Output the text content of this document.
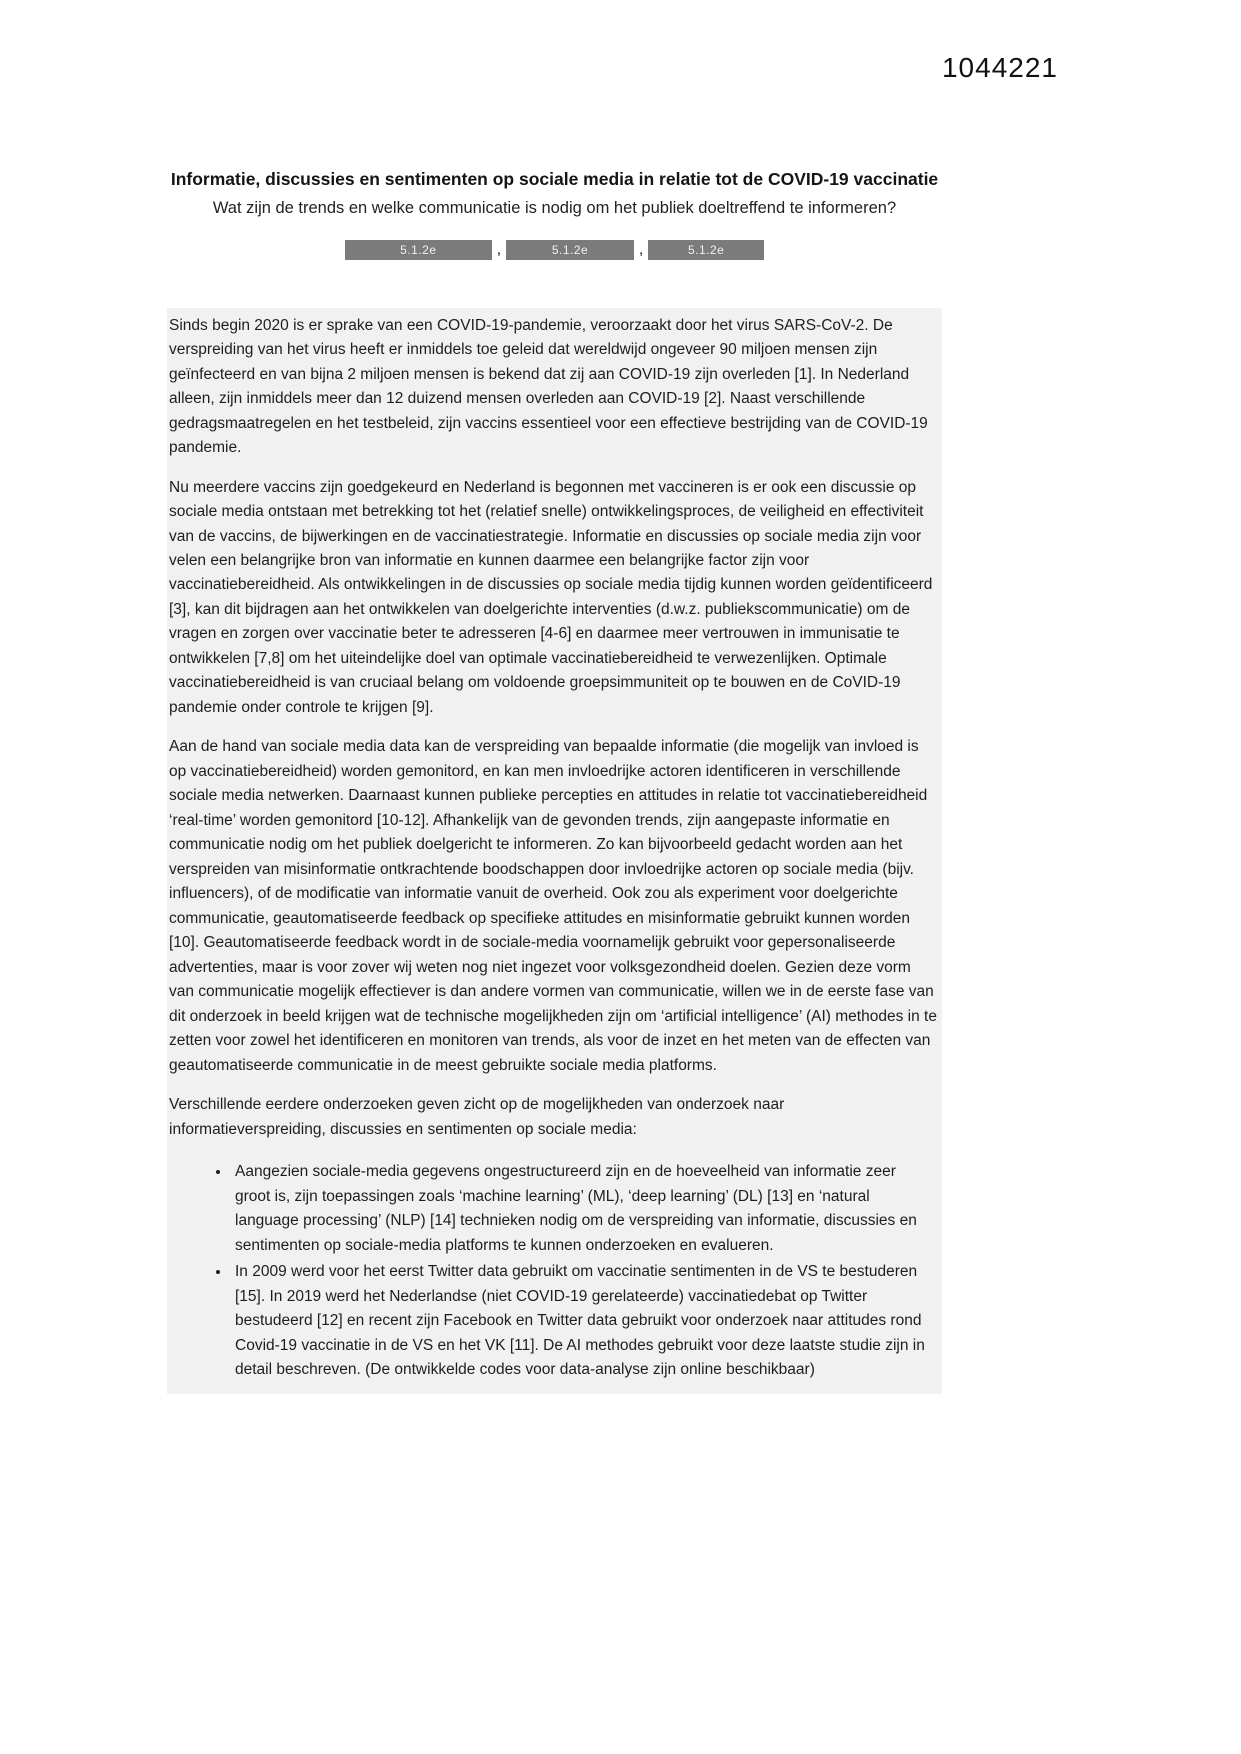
1044221
Informatie, discussies en sentimenten op sociale media in relatie tot de COVID-19 vaccinatie
Wat zijn de trends en welke communicatie is nodig om het publiek doeltreffend te informeren?
5.1.2e	,	5.1.2e	,	5.1.2e

Sinds begin 2020 is er sprake van een COVID-19-pandemie, veroorzaakt door het virus SARS-CoV-2. De verspreiding van het virus heeft er inmiddels toe geleid dat wereldwijd ongeveer 90 miljoen mensen zijn geïnfecteerd en van bijna 2 miljoen mensen is bekend dat zij aan COVID-19 zijn overleden [1]. In Nederland alleen, zijn inmiddels meer dan 12 duizend mensen overleden aan COVID-19 [2]. Naast verschillende gedragsmaatregelen en het testbeleid, zijn vaccins essentieel voor een effectieve bestrijding van de COVID-19 pandemie.

Nu meerdere vaccins zijn goedgekeurd en Nederland is begonnen met vaccineren is er ook een discussie op sociale media ontstaan met betrekking tot het (relatief snelle) ontwikkelingsproces, de veiligheid en effectiviteit van de vaccins, de bijwerkingen en de vaccinatiestrategie. Informatie en discussies op sociale media zijn voor velen een belangrijke bron van informatie en kunnen daarmee een belangrijke factor zijn voor vaccinatiebereidheid. Als ontwikkelingen in de discussies op sociale media tijdig kunnen worden geïdentificeerd [3], kan dit bijdragen aan het ontwikkelen van doelgerichte interventies (d.w.z. publiekscommunicatie) om de vragen en zorgen over vaccinatie beter te adresseren [4-6] en daarmee meer vertrouwen in immunisatie te ontwikkelen [7,8] om het uiteindelijke doel van optimale vaccinatiebereidheid te verwezenlijken. Optimale vaccinatiebereidheid is van cruciaal belang om voldoende groepsimmuniteit op te bouwen en de CoVID-19 pandemie onder controle te krijgen [9].

Aan de hand van sociale media data kan de verspreiding van bepaalde informatie (die mogelijk van invloed is op vaccinatiebereidheid) worden gemonitord, en kan men invloedrijke actoren identificeren in verschillende sociale media netwerken. Daarnaast kunnen publieke percepties en attitudes in relatie tot vaccinatiebereidheid ‘real-time’ worden gemonitord [10-12]. Afhankelijk van de gevonden trends, zijn aangepaste informatie en communicatie nodig om het publiek doelgericht te informeren. Zo kan bijvoorbeeld gedacht worden aan het verspreiden van misinformatie ontkrachtende boodschappen door invloedrijke actoren op sociale media (bijv. influencers), of de modificatie van informatie vanuit de overheid. Ook zou als experiment voor doelgerichte communicatie, geautomatiseerde feedback op specifieke attitudes en misinformatie gebruikt kunnen worden [10]. Geautomatiseerde feedback wordt in de sociale-media voornamelijk gebruikt voor gepersonaliseerde advertenties, maar is voor zover wij weten nog niet ingezet voor volksgezondheid doelen. Gezien deze vorm van communicatie mogelijk effectiever is dan andere vormen van communicatie, willen we in de eerste fase van dit onderzoek in beeld krijgen wat de technische mogelijkheden zijn om ‘artificial intelligence’ (AI) methodes in te zetten voor zowel het identificeren en monitoren van trends, als voor de inzet en het meten van de effecten van geautomatiseerde communicatie in de meest gebruikte sociale media platforms.

Verschillende eerdere onderzoeken geven zicht op de mogelijkheden van onderzoek naar informatieverspreiding, discussies en sentimenten op sociale media:

• Aangezien sociale-media gegevens ongestructureerd zijn en de hoeveelheid van informatie zeer groot is, zijn toepassingen zoals ‘machine learning’ (ML), ‘deep learning’ (DL) [13] en ‘natural language processing’ (NLP) [14] technieken nodig om de verspreiding van informatie, discussies en sentimenten op sociale-media platforms te kunnen onderzoeken en evalueren.
• In 2009 werd voor het eerst Twitter data gebruikt om vaccinatie sentimenten in de VS te bestuderen [15]. In 2019 werd het Nederlandse (niet COVID-19 gerelateerde) vaccinatiedebat op Twitter bestudeerd [12] en recent zijn Facebook en Twitter data gebruikt voor onderzoek naar attitudes rond Covid-19 vaccinatie in de VS en het VK [11]. De AI methodes gebruikt voor deze laatste studie zijn in detail beschreven. (De ontwikkelde codes voor data-analyse zijn online beschikbaar)
